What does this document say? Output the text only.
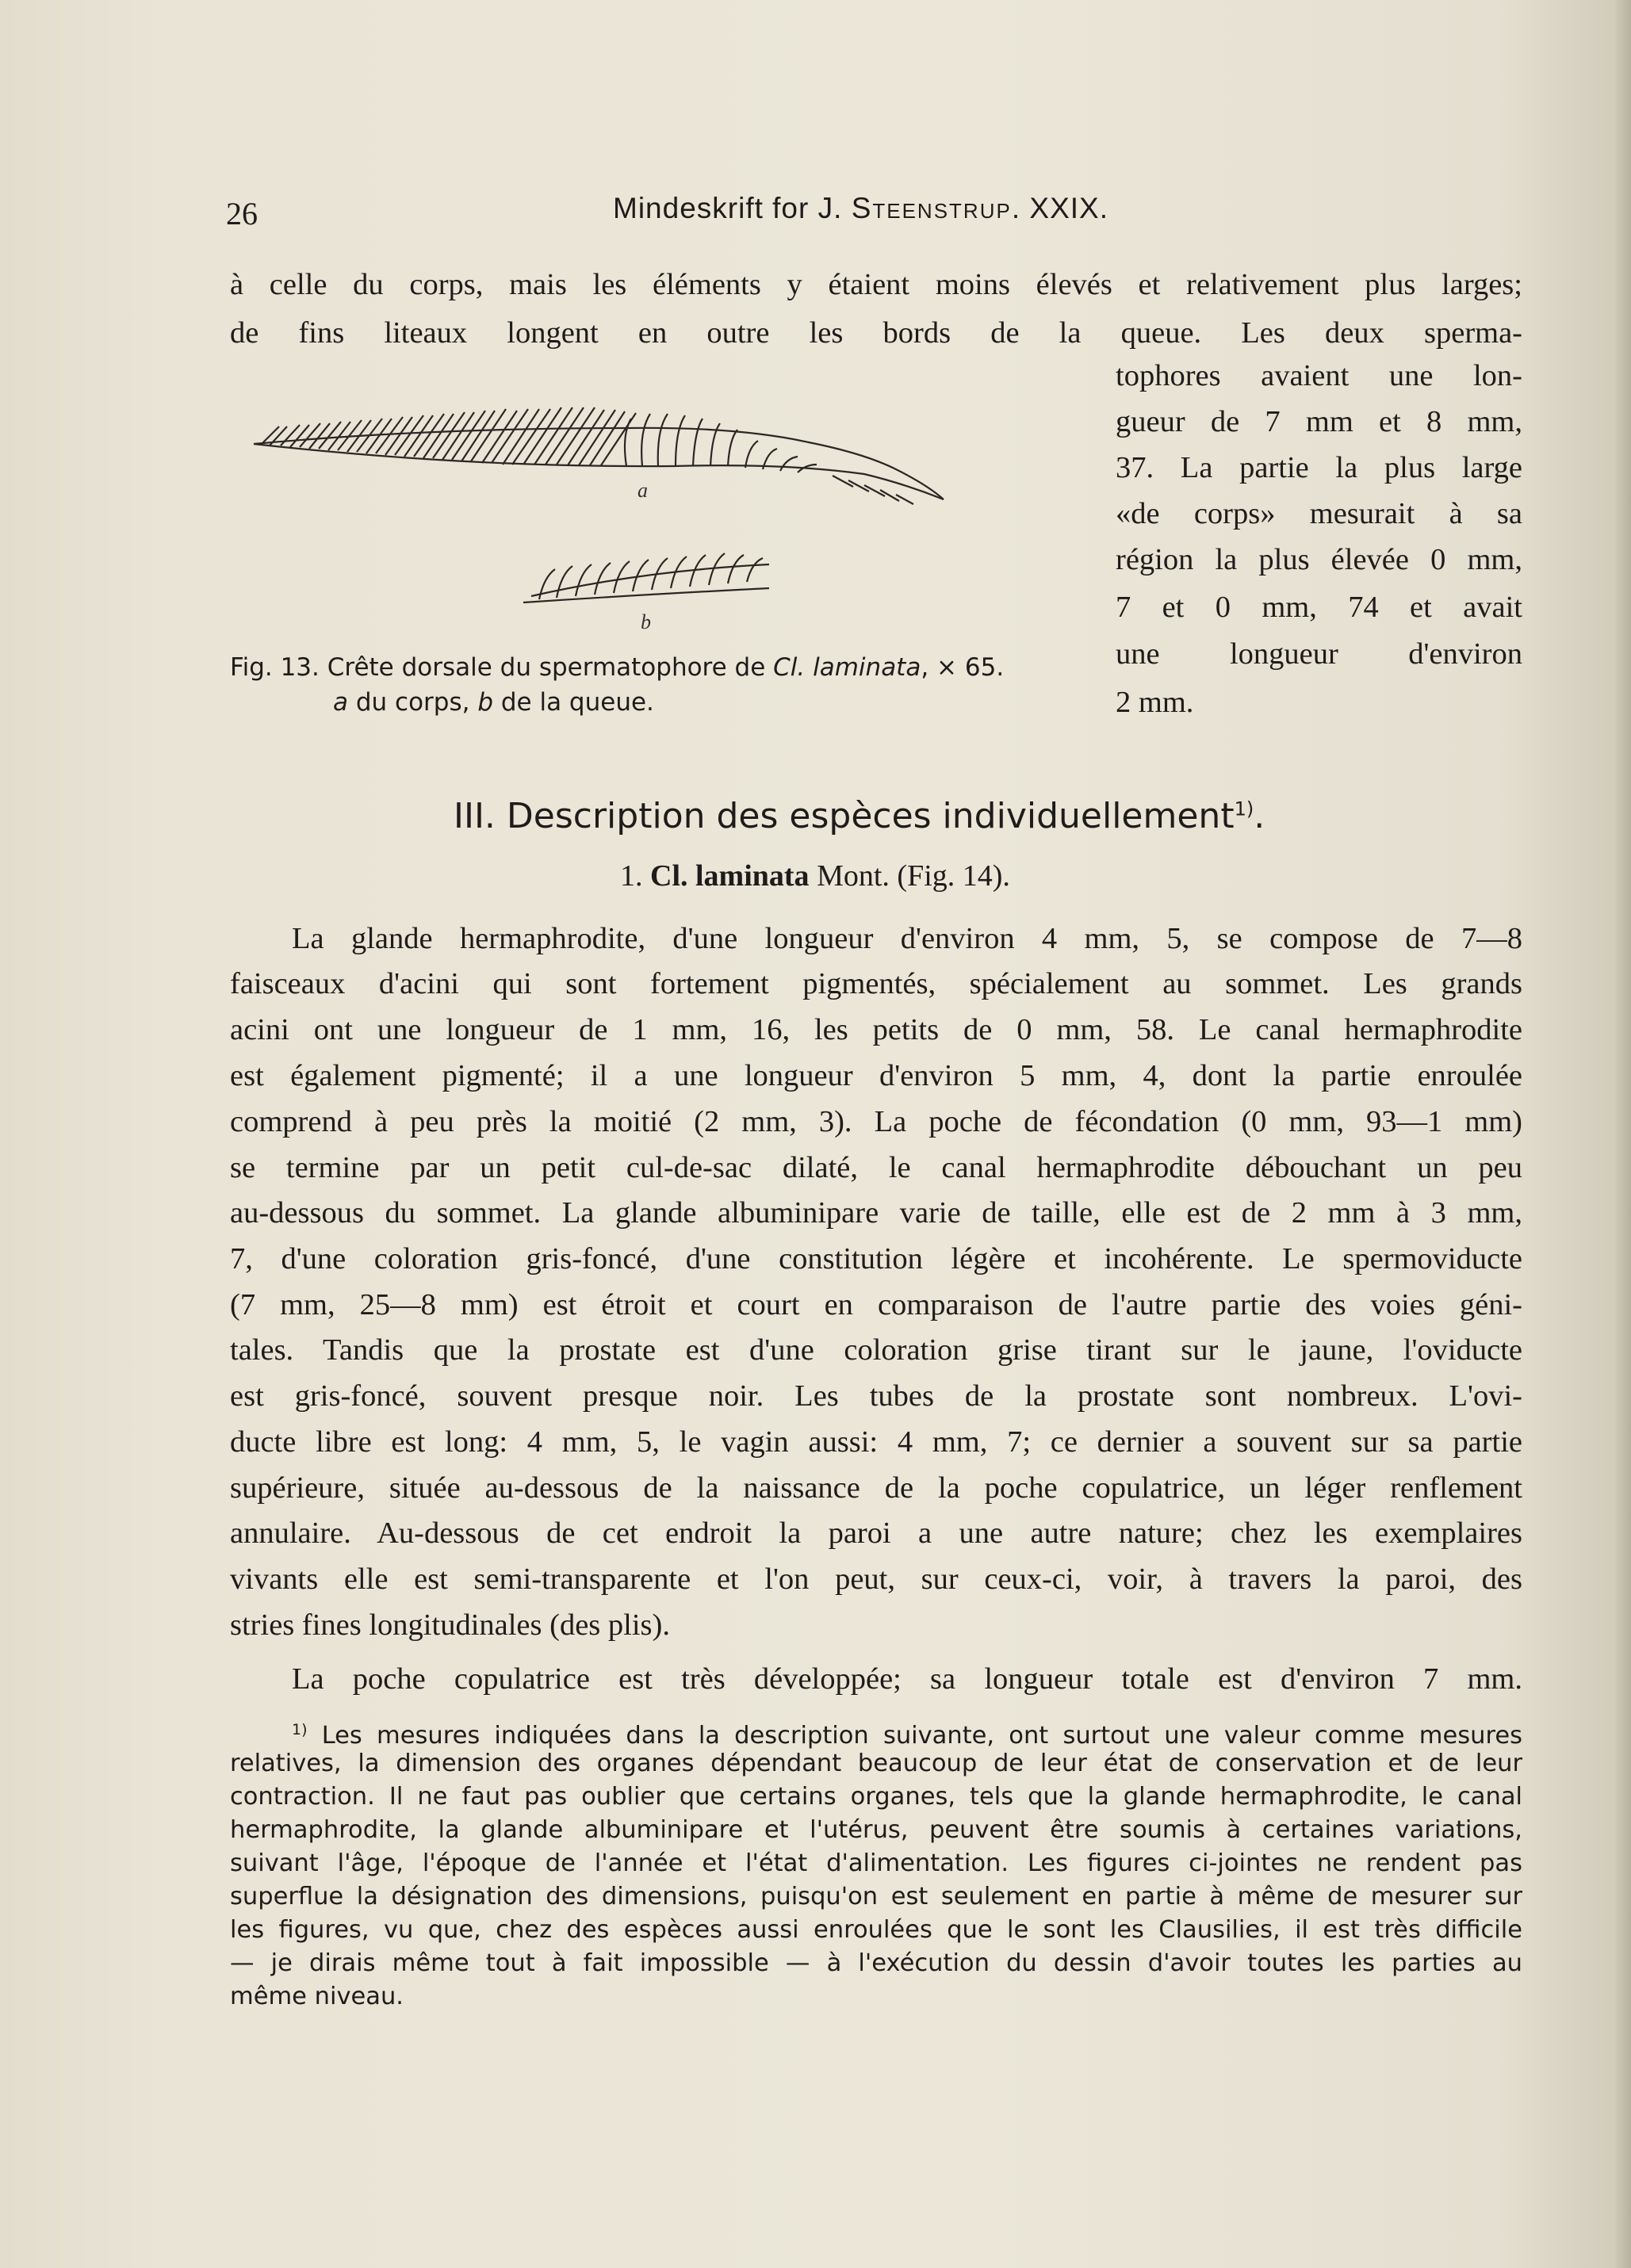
26	Mindeskrift for J. Steenstrup. XXIX.
à celle du corps, mais les éléments y étaient moins élevés et relativement plus larges;
de fins liteaux longent en outre les bords de la queue. Les deux sperma-
tophores avaient une lon-
gueur de 7 mm et 8 mm,
37. La partie la plus large
«de corps» mesurait à sa
région la plus élevée 0 mm,
7 et 0 mm, 74 et avait
une longueur d'environ
2 mm.
a
b
Fig. 13. Crête dorsale du spermatophore de Cl. laminata, × 65.
a du corps, b de la queue.
III. Description des espèces individuellement$^{1)}$.
1. Cl. laminata Mont. (Fig. 14).
La glande hermaphrodite, d'une longueur d'environ 4 mm, 5, se compose de 7—8
faisceaux d'acini qui sont fortement pigmentés, spécialement au sommet. Les grands
acini ont une longueur de 1 mm, 16, les petits de 0 mm, 58. Le canal hermaphrodite
est également pigmenté; il a une longueur d'environ 5 mm, 4, dont la partie enroulée
comprend à peu près la moitié (2 mm, 3). La poche de fécondation (0 mm, 93—1 mm)
se termine par un petit cul-de-sac dilaté, le canal hermaphrodite débouchant un peu
au-dessous du sommet. La glande albuminipare varie de taille, elle est de 2 mm à 3 mm,
7, d'une coloration gris-foncé, d'une constitution légère et incohérente. Le spermoviducte
(7 mm, 25—8 mm) est étroit et court en comparaison de l'autre partie des voies géni-
tales. Tandis que la prostate est d'une coloration grise tirant sur le jaune, l'oviducte
est gris-foncé, souvent presque noir. Les tubes de la prostate sont nombreux. L'ovi-
ducte libre est long: 4 mm, 5, le vagin aussi: 4 mm, 7; ce dernier a souvent sur sa partie
supérieure, située au-dessous de la naissance de la poche copulatrice, un léger renflement
annulaire. Au-dessous de cet endroit la paroi a une autre nature; chez les exemplaires
vivants elle est semi-transparente et l'on peut, sur ceux-ci, voir, à travers la paroi, des
stries fines longitudinales (des plis).
La poche copulatrice est très développée; sa longueur totale est d'environ 7 mm.
$^{1)}$ Les mesures indiquées dans la description suivante, ont surtout une valeur comme mesures
relatives, la dimension des organes dépendant beaucoup de leur état de conservation et de leur
contraction. Il ne faut pas oublier que certains organes, tels que la glande hermaphrodite, le canal
hermaphrodite, la glande albuminipare et l'utérus, peuvent être soumis à certaines variations,
suivant l'âge, l'époque de l'année et l'état d'alimentation. Les figures ci-jointes ne rendent pas
superflue la désignation des dimensions, puisqu'on est seulement en partie à même de mesurer sur
les figures, vu que, chez des espèces aussi enroulées que le sont les Clausilies, il est très difficile
— je dirais même tout à fait impossible — à l'exécution du dessin d'avoir toutes les parties au
même niveau.
